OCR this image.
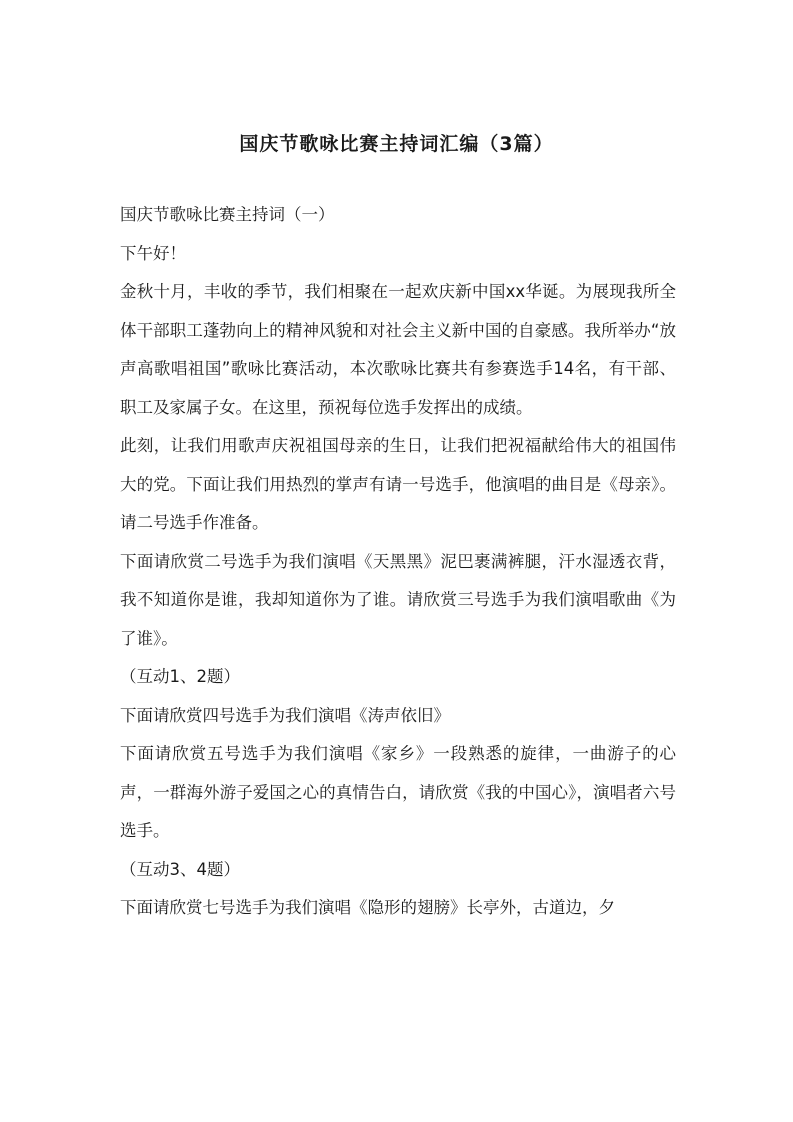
国庆节歌咏比赛主持词汇编（3篇）

国庆节歌咏比赛主持词（一）

下午好！

金秋十月，丰收的季节，我们相聚在一起欢庆新中国xx华诞。为展现我所全体干部职工蓬勃向上的精神风貌和对社会主义新中国的自豪感。我所举办“放声高歌唱祖国”歌咏比赛活动，本次歌咏比赛共有参赛选手14名，有干部、职工及家属子女。在这里，预祝每位选手发挥出的成绩。

此刻，让我们用歌声庆祝祖国母亲的生日，让我们把祝福献给伟大的祖国伟大的党。下面让我们用热烈的掌声有请一号选手，他演唱的曲目是《母亲》。请二号选手作准备。

下面请欣赏二号选手为我们演唱《天黑黑》泥巴裹满裤腿，汗水湿透衣背，我不知道你是谁，我却知道你为了谁。请欣赏三号选手为我们演唱歌曲《为了谁》。

（互动1、2题）

下面请欣赏四号选手为我们演唱《涛声依旧》

下面请欣赏五号选手为我们演唱《家乡》一段熟悉的旋律，一曲游子的心声，一群海外游子爱国之心的真情告白，请欣赏《我的中国心》，演唱者六号选手。

（互动3、4题）

下面请欣赏七号选手为我们演唱《隐形的翅膀》长亭外，古道边，夕
